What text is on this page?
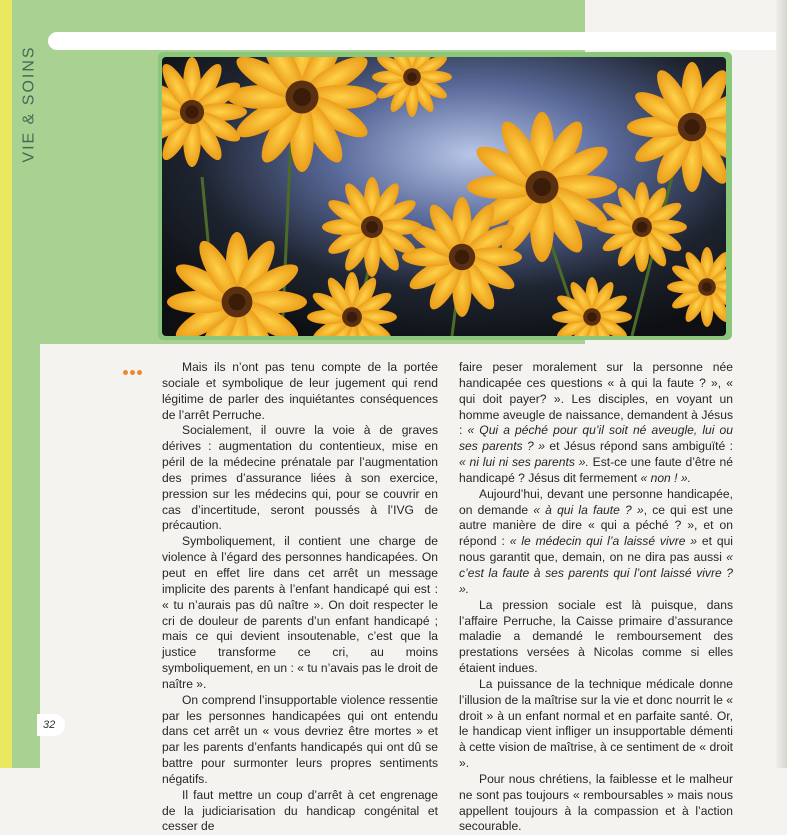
VIE & SOINS

Mais ils n’ont pas tenu compte de la portée sociale et symbolique de leur jugement qui rend légitime de parler des inquiétantes conséquences de l’arrêt Perruche.

Socialement, il ouvre la voie à de graves dérives : augmentation du contentieux, mise en péril de la médecine prénatale par l’augmentation des primes d’assurance liées à son exercice, pression sur les médecins qui, pour se couvrir en cas d’incertitude, seront poussés à l’IVG de précaution.

Symboliquement, il contient une charge de violence à l’égard des personnes handicapées. On peut en effet lire dans cet arrêt un message implicite des parents à l’enfant handicapé qui est : « tu n’aurais pas dû naître ». On doit respecter le cri de douleur de parents d’un enfant handicapé ; mais ce qui devient insoutenable, c’est que la justice transforme ce cri, au moins symboliquement, en un : « tu n’avais pas le droit de naître ».

On comprend l’insupportable violence ressentie par les personnes handicapées qui ont entendu dans cet arrêt un « vous devriez être mortes » et par les parents d’enfants handicapés qui ont dû se battre pour surmonter leurs propres sentiments négatifs.

Il faut mettre un coup d’arrêt à cet engrenage de la judiciarisation du handicap congénital et cesser de

faire peser moralement sur la personne née handicapée ces questions « à qui la faute ? », « qui doit payer? ». Les disciples, en voyant un homme aveugle de naissance, demandent à Jésus : « Qui a péché pour qu’il soit né aveugle, lui ou ses parents ? » et Jésus répond sans ambiguïté : « ni lui ni ses parents ». Est-ce une faute d’être né handicapé ? Jésus dit fermement « non ! ».

Aujourd’hui, devant une personne handicapée, on demande « à qui la faute ? », ce qui est une autre manière de dire « qui a péché ? », et on répond : « le médecin qui l’a laissé vivre » et qui nous garantit que, demain, on ne dira pas aussi « c’est la faute à ses parents qui l’ont laissé vivre ? ».

La pression sociale est là puisque, dans l’affaire Perruche, la Caisse primaire d’assurance maladie a demandé le remboursement des prestations versées à Nicolas comme si elles étaient indues.

La puissance de la technique médicale donne l’illusion de la maîtrise sur la vie et donc nourrit le « droit » à un enfant normal et en parfaite santé. Or, le handicap vient infliger un insupportable démenti à cette vision de maîtrise, à ce sentiment de « droit ».

Pour nous chrétiens, la faiblesse et le malheur ne sont pas toujours « remboursables » mais nous appellent toujours à la compassion et à l’action secourable.

32
